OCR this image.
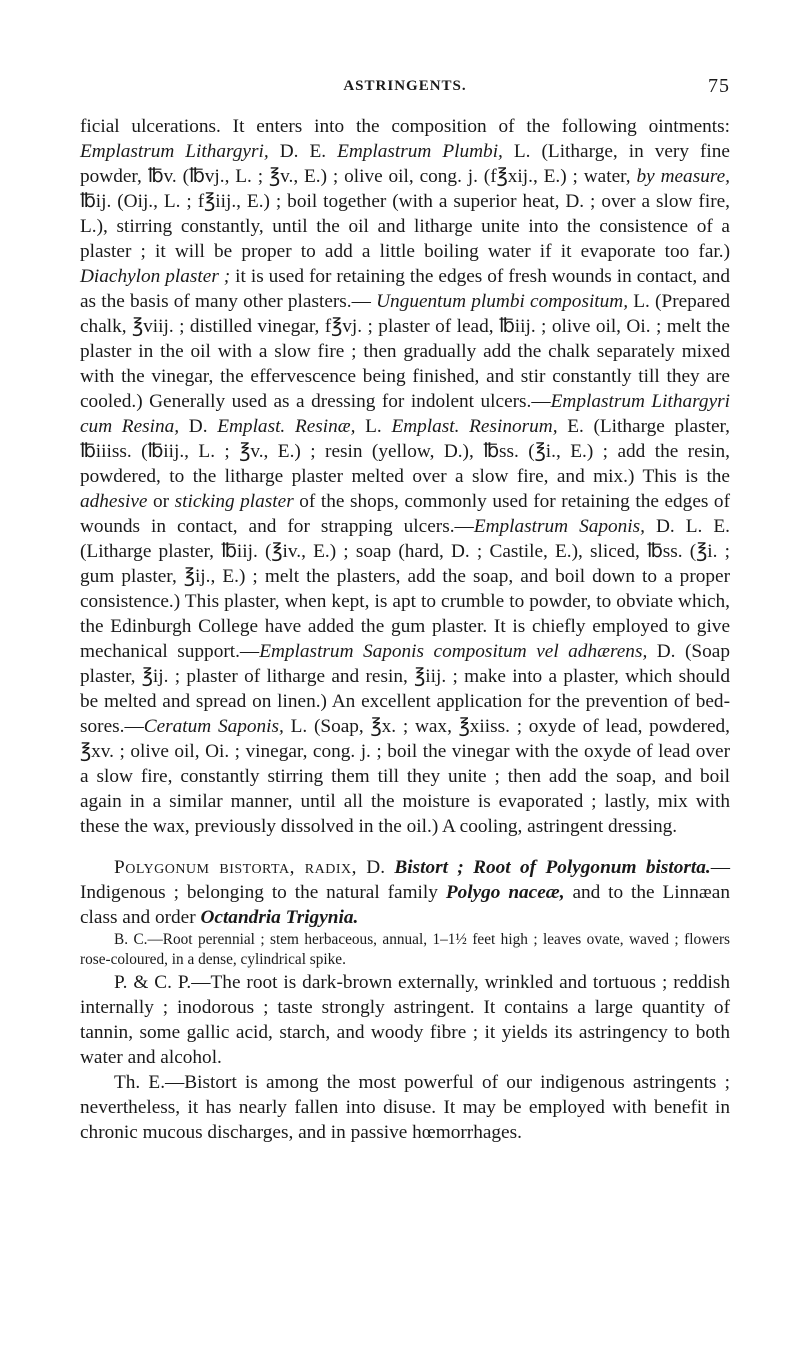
ASTRINGENTS.	75

ficial ulcerations. It enters into the composition of the following ointments: Emplastrum Lithargyri, D. E. Emplastrum Plumbi, L. (Litharge, in very fine powder, ℔v. (℔vj., L. ; ℥v., E.) ; olive oil, cong. j. (f℥xij., E.) ; water, by measure, ℔ij. (Oij., L. ; f℥iij., E.) ; boil together (with a superior heat, D. ; over a slow fire, L.), stirring constantly, until the oil and litharge unite into the consistence of a plaster ; it will be proper to add a little boiling water if it evaporate too far.) Diachylon plaster ; it is used for retaining the edges of fresh wounds in contact, and as the basis of many other plasters.— Unguentum plumbi compositum, L. (Prepared chalk, ℥viij. ; distilled vinegar, f℥vj. ; plaster of lead, ℔iij. ; olive oil, Oi. ; melt the plaster in the oil with a slow fire ; then gradually add the chalk separately mixed with the vinegar, the effervescence being finished, and stir constantly till they are cooled.) Generally used as a dressing for indolent ulcers.—Emplastrum Lithargyri cum Resina, D. Emplast. Resinæ, L. Emplast. Resinorum, E. (Litharge plaster, ℔iiiss. (℔iij., L. ; ℥v., E.) ; resin (yellow, D.), ℔ss. (℥i., E.) ; add the resin, powdered, to the litharge plaster melted over a slow fire, and mix.) This is the adhesive or sticking plaster of the shops, commonly used for retaining the edges of wounds in contact, and for strapping ulcers.—Emplastrum Saponis, D. L. E. (Litharge plaster, ℔iij. (℥iv., E.) ; soap (hard, D. ; Castile, E.), sliced, ℔ss. (℥i. ; gum plaster, ℥ij., E.) ; melt the plasters, add the soap, and boil down to a proper consistence.) This plaster, when kept, is apt to crumble to powder, to obviate which, the Edinburgh College have added the gum plaster. It is chiefly employed to give mechanical support.—Emplastrum Saponis compositum vel adhærens, D. (Soap plaster, ℥ij. ; plaster of litharge and resin, ℥iij. ; make into a plaster, which should be melted and spread on linen.) An excellent application for the prevention of bed-sores.—Ceratum Saponis, L. (Soap, ℥x. ; wax, ℥xiiss. ; oxyde of lead, powdered, ℥xv. ; olive oil, Oi. ; vinegar, cong. j. ; boil the vinegar with the oxyde of lead over a slow fire, constantly stirring them till they unite ; then add the soap, and boil again in a similar manner, until all the moisture is evaporated ; lastly, mix with these the wax, previously dissolved in the oil.) A cooling, astringent dressing.

Polygonum bistorta, radix, D. Bistort ; Root of Polygonum bistorta.—Indigenous ; belonging to the natural family Polygo naceæ, and to the Linnæan class and order Octandria Trigynia.

B. C.—Root perennial ; stem herbaceous, annual, 1–1½ feet high ; leaves ovate, waved ; flowers rose-coloured, in a dense, cylindrical spike.

P. & C. P.—The root is dark-brown externally, wrinkled and tortuous ; reddish internally ; inodorous ; taste strongly astringent. It contains a large quantity of tannin, some gallic acid, starch, and woody fibre ; it yields its astringency to both water and alcohol.

Th. E.—Bistort is among the most powerful of our indigenous astringents ; nevertheless, it has nearly fallen into disuse. It may be employed with benefit in chronic mucous discharges, and in passive hœmorrhages.
